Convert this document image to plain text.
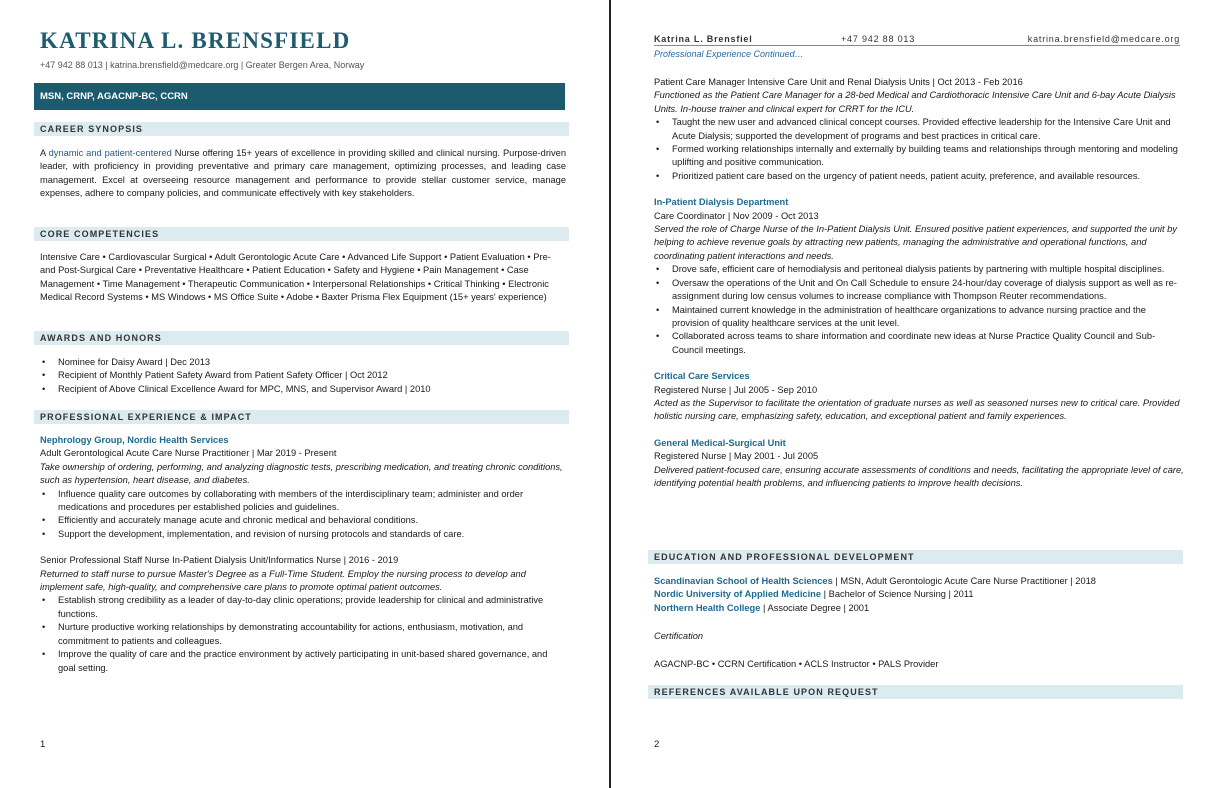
KATRINA L. BRENSFIELD
+47 942 88 013 | katrina.brensfield@medcare.org | Greater Bergen Area, Norway
MSN, CRNP, AGACNP-BC, CCRN
CAREER SYNOPSIS
A dynamic and patient-centered Nurse offering 15+ years of excellence in providing skilled and clinical nursing. Purpose-driven leader, with proficiency in providing preventative and primary care management, optimizing processes, and leading case management. Excel at overseeing resource management and performance to provide stellar customer service, manage expenses, adhere to company policies, and communicate effectively with key stakeholders.
CORE COMPETENCIES
Intensive Care • Cardiovascular Surgical • Adult Gerontologic Acute Care • Advanced Life Support • Patient Evaluation • Pre- and Post-Surgical Care • Preventative Healthcare • Patient Education • Safety and Hygiene • Pain Management • Case Management • Time Management • Therapeutic Communication • Interpersonal Relationships • Critical Thinking • Electronic Medical Record Systems • MS Windows • MS Office Suite • Adobe • Baxter Prisma Flex Equipment (15+ years' experience)
AWARDS AND HONORS
• Nominee for Daisy Award | Dec 2013
• Recipient of Monthly Patient Safety Award from Patient Safety Officer | Oct 2012
• Recipient of Above Clinical Excellence Award for MPC, MNS, and Supervisor Award | 2010
PROFESSIONAL EXPERIENCE & IMPACT
Nephrology Group, Nordic Health Services
Adult Gerontological Acute Care Nurse Practitioner | Mar 2019 - Present
Take ownership of ordering, performing, and analyzing diagnostic tests, prescribing medication, and treating chronic conditions, such as hypertension, heart disease, and diabetes.
• Influence quality care outcomes by collaborating with members of the interdisciplinary team; administer and order medications and procedures per established policies and guidelines.
• Efficiently and accurately manage acute and chronic medical and behavioral conditions.
• Support the development, implementation, and revision of nursing protocols and standards of care.
Senior Professional Staff Nurse In-Patient Dialysis Unit/Informatics Nurse | 2016 - 2019
Returned to staff nurse to pursue Master's Degree as a Full-Time Student. Employ the nursing process to develop and implement safe, high-quality, and comprehensive care plans to promote optimal patient outcomes.
• Establish strong credibility as a leader of day-to-day clinic operations; provide leadership for clinical and administrative functions.
• Nurture productive working relationships by demonstrating accountability for actions, enthusiasm, motivation, and commitment to patients and colleagues.
• Improve the quality of care and the practice environment by actively participating in unit-based shared governance, and goal setting.
1
Katrina L. Brensfiel	+47 942 88 013	katrina.brensfield@medcare.org
Professional Experience Continued…
Patient Care Manager Intensive Care Unit and Renal Dialysis Units | Oct 2013 - Feb 2016
Functioned as the Patient Care Manager for a 28-bed Medical and Cardiothoracic Intensive Care Unit and 6-bay Acute Dialysis Units. In-house trainer and clinical expert for CRRT for the ICU.
• Taught the new user and advanced clinical concept courses. Provided effective leadership for the Intensive Care Unit and Acute Dialysis; supported the development of programs and best practices in critical care.
• Formed working relationships internally and externally by building teams and relationships through mentoring and modeling uplifting and positive communication.
• Prioritized patient care based on the urgency of patient needs, patient acuity, preference, and available resources.
In-Patient Dialysis Department
Care Coordinator | Nov 2009 - Oct 2013
Served the role of Charge Nurse of the In-Patient Dialysis Unit. Ensured positive patient experiences, and supported the unit by helping to achieve revenue goals by attracting new patients, managing the administrative and operational functions, and coordinating patient interactions and needs.
• Drove safe, efficient care of hemodialysis and peritoneal dialysis patients by partnering with multiple hospital disciplines.
• Oversaw the operations of the Unit and On Call Schedule to ensure 24-hour/day coverage of dialysis support as well as re-assignment during low census volumes to increase compliance with Thompson Reuter recommendations.
• Maintained current knowledge in the administration of healthcare organizations to advance nursing practice and the provision of quality healthcare services at the unit level.
• Collaborated across teams to share information and coordinate new ideas at Nurse Practice Quality Council and Sub-Council meetings.
Critical Care Services
Registered Nurse | Jul 2005 - Sep 2010
Acted as the Supervisor to facilitate the orientation of graduate nurses as well as seasoned nurses new to critical care. Provided holistic nursing care, emphasizing safety, education, and exceptional patient and family experiences.
General Medical-Surgical Unit
Registered Nurse | May 2001 - Jul 2005
Delivered patient-focused care, ensuring accurate assessments of conditions and needs, facilitating the appropriate level of care, identifying potential health problems, and influencing patients to improve health decisions.
EDUCATION AND PROFESSIONAL DEVELOPMENT
Scandinavian School of Health Sciences | MSN, Adult Gerontologic Acute Care Nurse Practitioner | 2018
Nordic University of Applied Medicine | Bachelor of Science Nursing | 2011
Northern Health College | Associate Degree | 2001
Certification
AGACNP-BC • CCRN Certification • ACLS Instructor • PALS Provider
REFERENCES AVAILABLE UPON REQUEST
2
